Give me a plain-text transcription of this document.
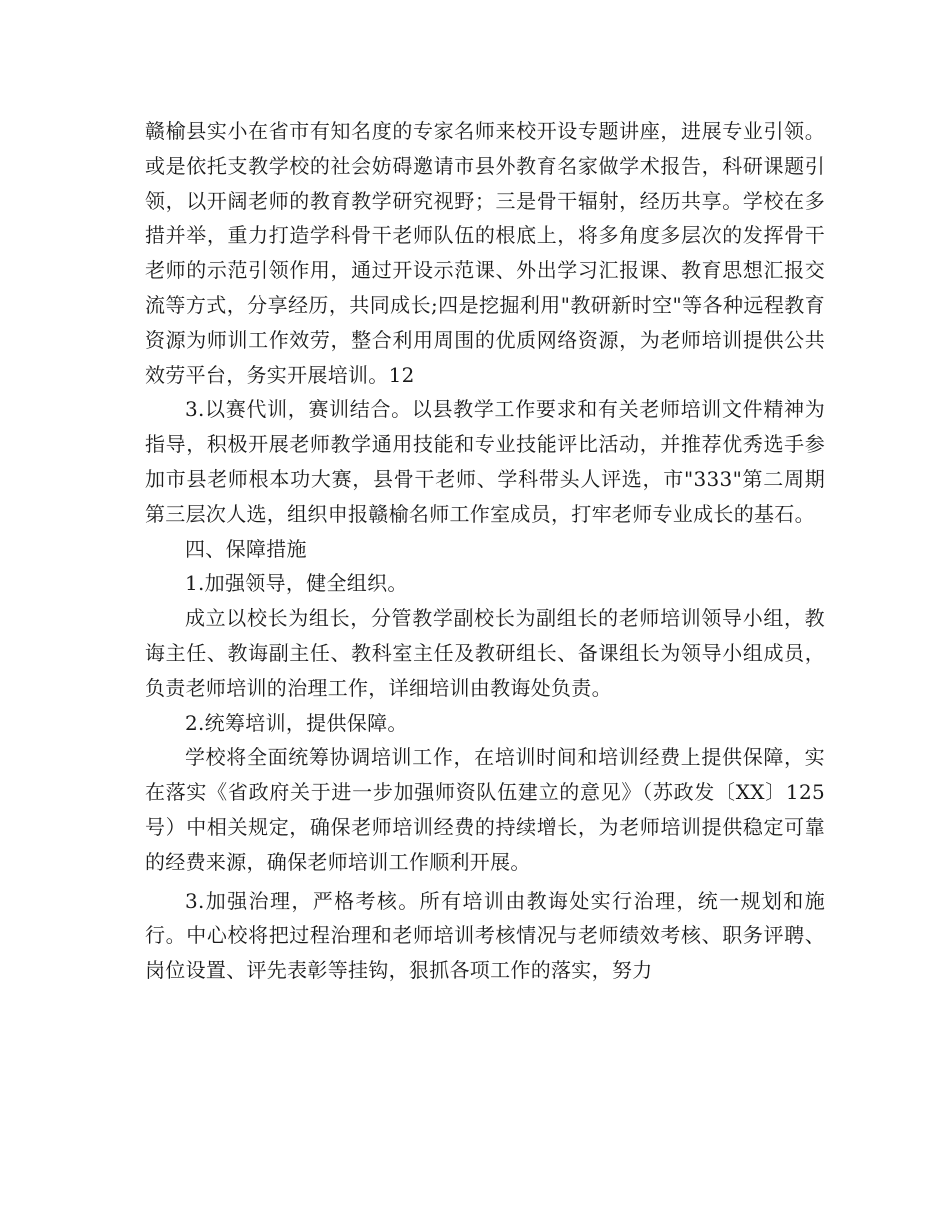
赣榆县实小在省市有知名度的专家名师来校开设专题讲座，进展专业引领。或是依托支教学校的社会妨碍邀请市县外教育名家做学术报告，科研课题引领，以开阔老师的教育教学研究视野；三是骨干辐射，经历共享。学校在多措并举，重力打造学科骨干老师队伍的根底上，将多角度多层次的发挥骨干老师的示范引领作用，通过开设示范课、外出学习汇报课、教育思想汇报交流等方式，分享经历，共同成长;四是挖掘利用"教研新时空"等各种远程教育资源为师训工作效劳，整合利用周围的优质网络资源，为老师培训提供公共效劳平台，务实开展培训。12

3.以赛代训，赛训结合。以县教学工作要求和有关老师培训文件精神为指导，积极开展老师教学通用技能和专业技能评比活动，并推荐优秀选手参加市县老师根本功大赛，县骨干老师、学科带头人评选，市"333"第二周期第三层次人选，组织申报赣榆名师工作室成员，打牢老师专业成长的基石。

四、保障措施

1.加强领导，健全组织。

成立以校长为组长，分管教学副校长为副组长的老师培训领导小组，教诲主任、教诲副主任、教科室主任及教研组长、备课组长为领导小组成员，负责老师培训的治理工作，详细培训由教诲处负责。

2.统筹培训，提供保障。

学校将全面统筹协调培训工作，在培训时间和培训经费上提供保障，实在落实《省政府关于进一步加强师资队伍建立的意见》（苏政发〔XX〕125号）中相关规定，确保老师培训经费的持续增长，为老师培训提供稳定可靠的经费来源，确保老师培训工作顺利开展。

3.加强治理，严格考核。所有培训由教诲处实行治理，统一规划和施行。中心校将把过程治理和老师培训考核情况与老师绩效考核、职务评聘、岗位设置、评先表彰等挂钩，狠抓各项工作的落实，努力
